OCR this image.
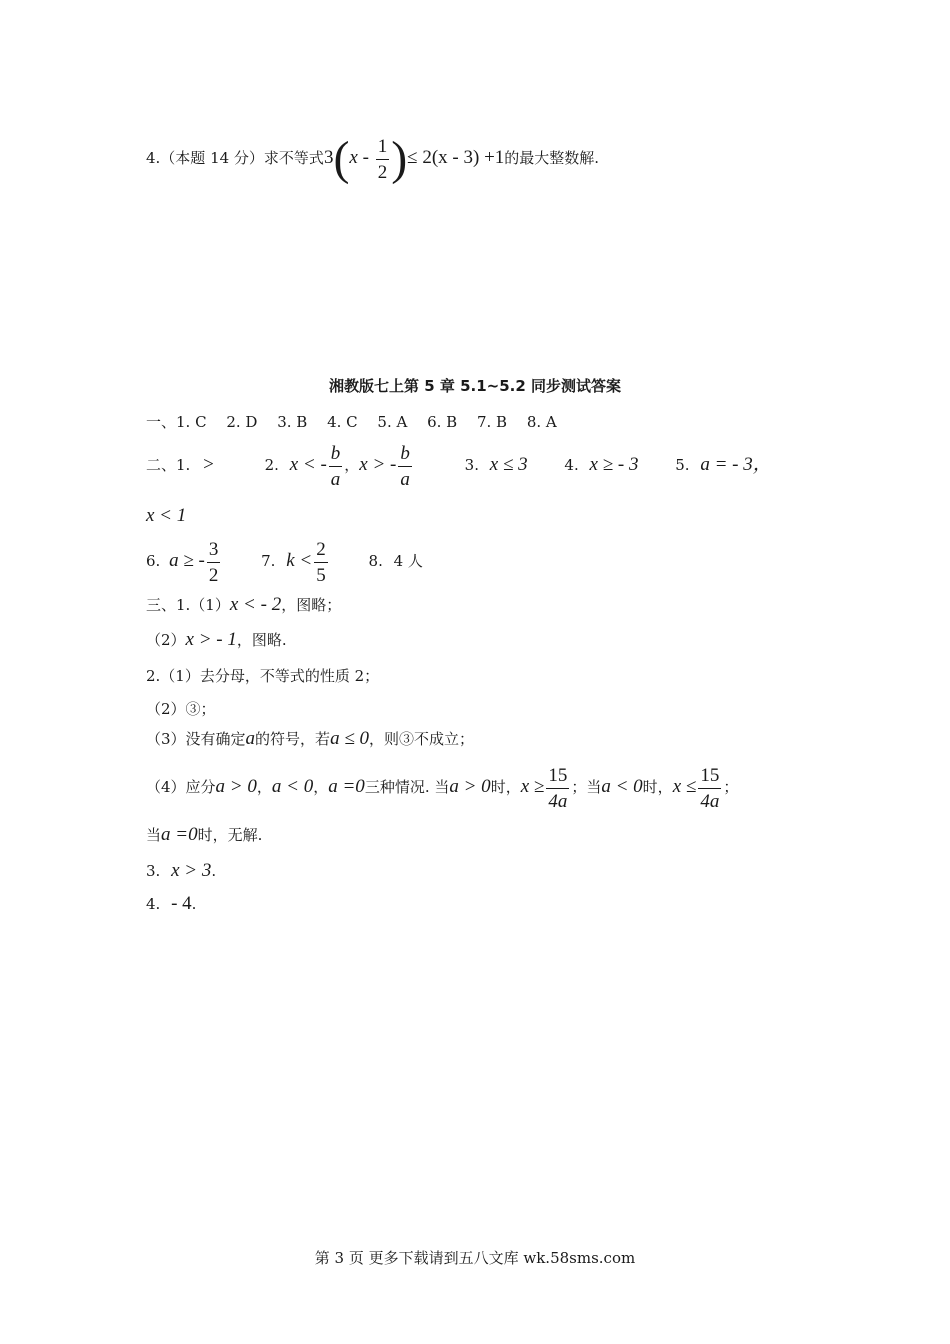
4.（本题 14 分）求不等式$3(x - \frac{1}{2}$ )≤ 2(x - 3) +1的最大整数解.
湘教版七上第 5 章 5.1~5.2 同步测试答案
一、1. C　 2. D　 3. B　 4. C　 5. A　 6. B　 7. B　 8. A
二、1. >	2. x < - $\frac{b}{a}$ ，x > - $\frac{b}{a}$	3. x ≤ 3 4. x ≥ - 3 5. a = - 3，
x < 1
6. a ≥ - $\frac{3}{2}$	7. $k < \frac{2}{5}$	8. 4 人
三、1.（1）x < - 2，图略；
（2）x > - 1，图略.
2.（1）去分母，不等式的性质 2；
（2）③；
（3）没有确定a的符号，若a ≤ 0，则③不成立；
（4）应分a > 0，a < 0，a =0三种情况. 当a > 0时，$x \ge \frac{15}{4a}$ ；当a < 0时，$x \le \frac{15}{4a}$ ；
当a =0时，无解.
3. x > 3.
4. - 4.
第 3 页 更多下载请到五八文库 wk.58sms.com
